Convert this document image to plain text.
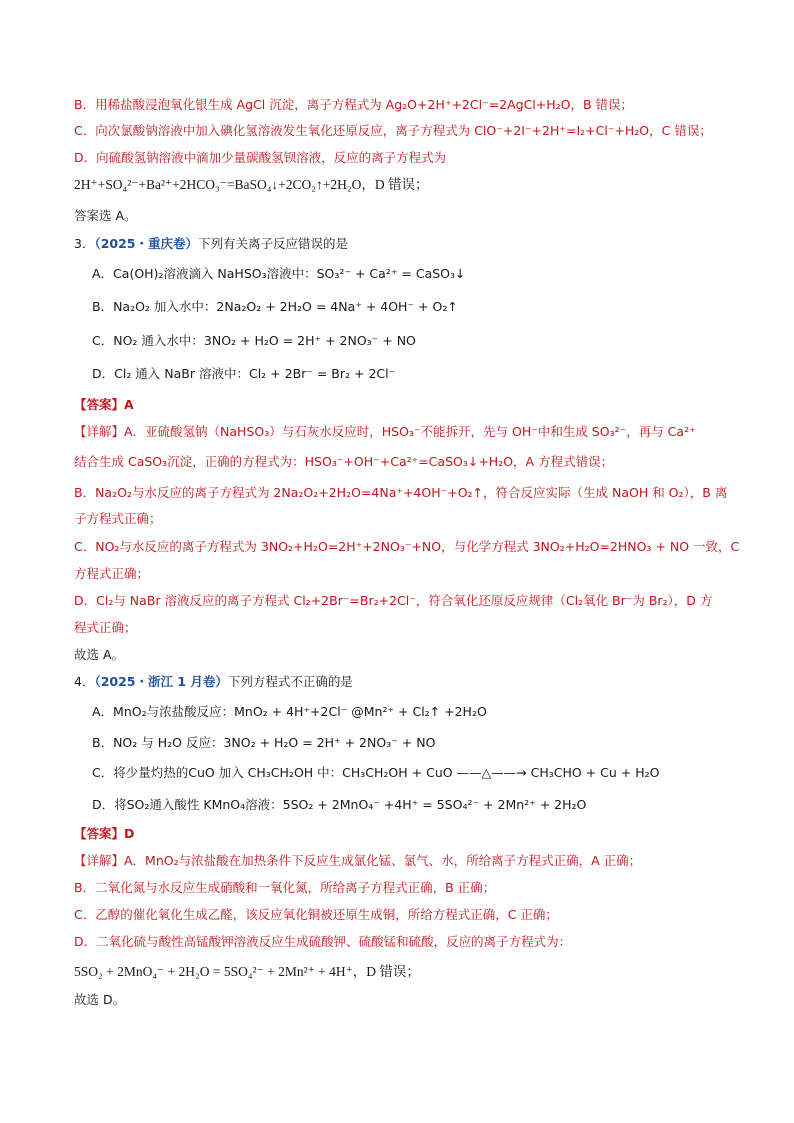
B．用稀盐酸浸泡氧化银生成 AgCl 沉淀，离子方程式为 Ag₂O+2H⁺+2Cl⁻=2AgCl+H₂O，B 错误；
C．向次氯酸钠溶液中加入碘化氢溶液发生氧化还原反应，离子方程式为 ClO⁻+2I⁻+2H⁺=I₂+Cl⁻+H₂O，C 错误；
D．向硫酸氢钠溶液中滴加少量碳酸氢钡溶液，反应的离子方程式为
2H⁺+SO₄²⁻+Ba²⁺+2HCO₃⁻=BaSO₄↓+2CO₂↑+2H₂O，D 错误；
答案选 A。
3．（2025・重庆卷）下列有关离子反应错误的是
A．Ca(OH)₂溶液滴入 NaHSO₃溶液中：SO₃²⁻ + Ca²⁺ = CaSO₃↓
B．Na₂O₂ 加入水中：2Na₂O₂ + 2H₂O = 4Na⁺ + 4OH⁻ + O₂↑
C．NO₂ 通入水中：3NO₂ + H₂O = 2H⁺ + 2NO₃⁻ + NO
D．Cl₂ 通入 NaBr 溶液中：Cl₂ + 2Br⁻ = Br₂ + 2Cl⁻
【答案】A
【详解】A．亚硫酸氢钠（NaHSO₃）与石灰水反应时，HSO₃⁻不能拆开，先与 OH⁻中和生成 SO₃²⁻，再与 Ca²⁺
结合生成 CaSO₃沉淀，正确的方程式为：HSO₃⁻+OH⁻+Ca²⁺=CaSO₃↓+H₂O，A 方程式错误；
B．Na₂O₂与水反应的离子方程式为 2Na₂O₂+2H₂O=4Na⁺+4OH⁻+O₂↑，符合反应实际（生成 NaOH 和 O₂），B 离
子方程式正确；
C．NO₂与水反应的离子方程式为 3NO₂+H₂O=2H⁺+2NO₃⁻+NO，与化学方程式 3NO₂+H₂O=2HNO₃ + NO 一致，C
方程式正确；
D．Cl₂与 NaBr 溶液反应的离子方程式 Cl₂+2Br⁻=Br₂+2Cl⁻，符合氧化还原反应规律（Cl₂氧化 Br⁻为 Br₂），D 方
程式正确；
故选 A。
4．（2025・浙江 1 月卷）下列方程式不正确的是
A．MnO₂与浓盐酸反应：MnO₂ + 4H⁺+2Cl⁻ @Mn²⁺ + Cl₂↑ +2H₂O
B．NO₂ 与 H₂O 反应：3NO₂ + H₂O = 2H⁺ + 2NO₃⁻ + NO
C．将少量灼热的CuO 加入 CH₃CH₂OH 中：CH₃CH₂OH + CuO ——△——→ CH₃CHO + Cu + H₂O
D．将SO₂通入酸性 KMnO₄溶液：5SO₂ + 2MnO₄⁻ +4H⁺ = 5SO₄²⁻ + 2Mn²⁺ + 2H₂O
【答案】D
【详解】A．MnO₂与浓盐酸在加热条件下反应生成氯化锰、氯气、水，所给离子方程式正确，A 正确；
B．二氧化氮与水反应生成硝酸和一氧化氮，所给离子方程式正确，B 正确；
C．乙醇的催化氧化生成乙醛，该反应氧化铜被还原生成铜，所给方程式正确，C 正确；
D．二氧化硫与酸性高锰酸钾溶液反应生成硫酸钾、硫酸锰和硫酸，反应的离子方程式为：
5SO₂ + 2MnO₄⁻ + 2H₂O = 5SO₄²⁻ + 2Mn²⁺ + 4H⁺，D 错误；
故选 D。
